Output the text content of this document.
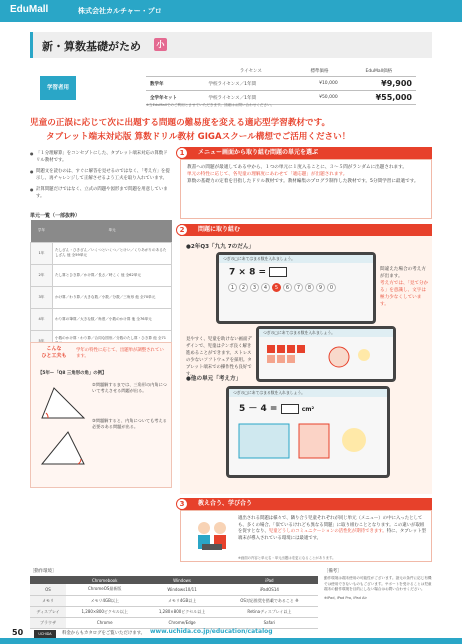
EduMall	株式会社カルチャー・プロ
新・算数基礎がため	小
学習者用
	ライセンス	標準価格	EduMall価格
数学年	学校ライセンス／1年間	¥10,000	¥9,900
全学年セット	学校ライセンス／1年間	¥50,000	¥55,000
※当EduMallでのご利用とさせていただきます。詳細はお問い合わせください。
児童の正誤に応じて次に出題する問題の難易度を変える適応型学習教材です。
タブレット端末対応版 算数ドリル教材 GIGAスクール構想でご活用ください！
● 「１分理解算」をコンセプトにした、タブレット端末対応の算数ドリル教材です。
● 問題文を読むのは、すぐに解答を見せるのではなく、「考え方」を提示し、再チャレンジして正解させるよう工夫を取り入れています。
● 計算問題だけではなく、立式の問題や図形まで問題を用意しています。
単元一覧（一部抜粋）
学年	単元
1年	たしざん・ひきざん／いくつといくつ／とけい／くりあがりのあるたしざん 他 全59単元
2年	たし算とひき算／かけ算／長さ／時こく 他 全62単元
3年	かけ算／わり算／大きな数／小数／分数／三角形 他 全70単元
4年	わり算の筆算／大きな数／角度／小数のかけ算 他 全76単元
5年	小数のかけ算・わり算／合同な図形／分数のたし算・ひき算 他 全71

こんな
ひと工夫も
学年の特性に応じて、出題単が調整されています。
【5年ー「Q8 三角形の角」の例】
②問題解するまでは、三角形の内角について考えさせる問題が出る。
③問題解すると、内角についても考える必要のある問題が出る。
メニュー画面から取り組む問題の単元を選ぶ
1
教書への問題が最適してある中から、１つの単元に１度入ることに、３～５問がランダムに出題されます。
単元の特性に応じて、各児童の理解度にあわせて「適応題」が出題されます。
算数の基礎力の定着を目指したドリル教材です。教材編集のプログラ制作した教材です。5分間学習に最適です。
問題に取り組む
2
●2年Q3「九九 7のだん」
つぎの□にあてはまる数を入れましょう。
7 × 8 =
1 2 3 4 5 6 7 8 9 0
間違えた場合の考え方が出ます。
考え方では、「見て分かる」を意識し、文字は極力少なくしています。
つぎの□にあてはまる数を入れましょう。
見やすく、児童を助けない画面デザインで、児童はテンポ良く解き進めることができます。ストレスの少ないソフトウェアを採用。タブレット端末での操作性も良好です。
●他の単元「考え方」
つぎの□にあてはまる数を入れましょう。
5 － 4 =	cm²
教え合う、学び合う
3
適出される問題は様々で、隣り合う児童それぞれが同じ単元（メニュー）の中に入ったとしても、多くの場合、「似ているけれども異なる問題」に取り組むこととなります。この違いが取組を促すとなり、児童どうしのコミュニケーションの活性化が期待できます。特に、タブレット型端末が導入されている環境には最適です。
※画面の内容と単元名・単元出題は変更になることがあります。
［動作環境］
	Chromebook	Windows	iPad
OS	ChromeOS最新版	Windows10/11	iPadOS14
メモリ	メモリ4GB以上	メモリ4GB以上	OS対応推奨を搭載であること ※
ディスプレイ	1,280×800ピクセル以上	1,280×800ピクセル以上	Retinaディスプレイ以上
ブラウザ	Chrome	Chrome/Edge	Safari
［備考］
動作環境は端末使用の可能性がございます。諸元の条件に応じ有機では使用できないものもございます。サポートを受けることは児童端末の動作環境を目的にしない場合はお問い合わせください。
※iPad, iPad Pro, iPad Air
50	UCHIDA	料金からもカタログをご覧いただけます。 www.uchida.co.jp/education/catalog
